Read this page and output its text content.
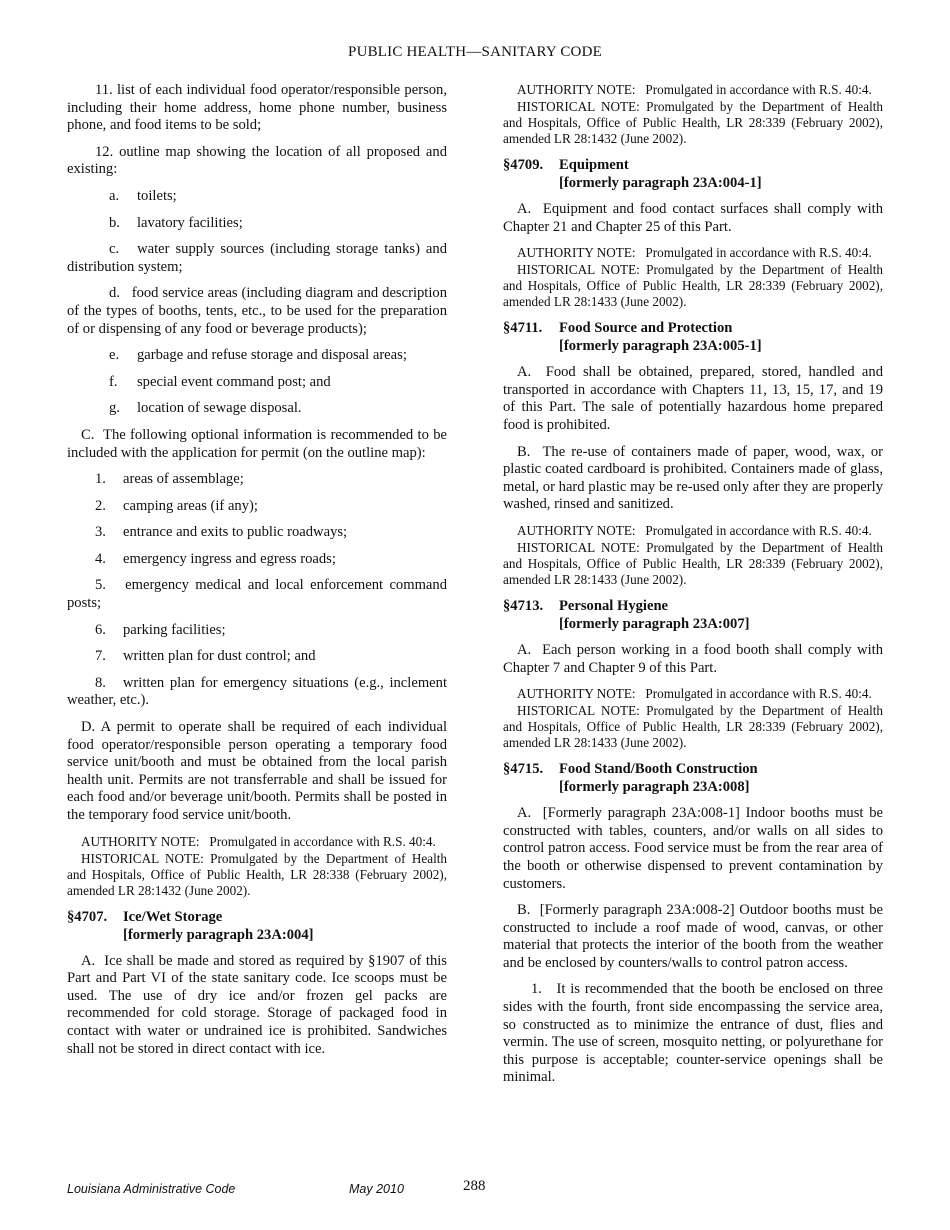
PUBLIC HEALTH—SANITARY CODE

11. list of each individual food operator/responsible person, including their home address, home phone number, business phone, and food items to be sold;

12. outline map showing the location of all proposed and existing:

a. toilets;

b. lavatory facilities;

c.   water supply sources (including storage tanks) and distribution system;

d.   food service areas (including diagram and description of the types of booths, tents, etc., to be used for the preparation of or dispensing of any food or beverage products);

e. garbage and refuse storage and disposal areas;

f. special event command post; and

g. location of sewage disposal.

C.  The following optional information is recommended to be included with the application for permit (on the outline map):

1. areas of assemblage;

2. camping areas (if any);

3. entrance and exits to public roadways;

4. emergency ingress and egress roads;

5.   emergency medical and local enforcement command posts;

6. parking facilities;

7. written plan for dust control; and

8.   written plan for emergency situations (e.g., inclement weather, etc.).

D. A permit to operate shall be required of each individual food operator/responsible person operating a temporary food service unit/booth and must be obtained from the local parish health unit. Permits are not transferrable and shall be issued for each food and/or beverage unit/booth. Permits shall be posted in the temporary food service unit/booth.

AUTHORITY NOTE:   Promulgated in accordance with R.S. 40:4.

HISTORICAL NOTE: Promulgated by the Department of Health and Hospitals, Office of Public Health, LR 28:338 (February 2002), amended LR 28:1432 (June 2002).

§4707. Ice/Wet Storage
[formerly paragraph 23A:004]

A.  Ice shall be made and stored as required by §1907 of this Part and Part VI of the state sanitary code. Ice scoops must be used. The use of dry ice and/or frozen gel packs are recommended for cold storage. Storage of packaged food in contact with water or undrained ice is prohibited. Sandwiches shall not be stored in direct contact with ice.

AUTHORITY NOTE:   Promulgated in accordance with R.S. 40:4.

HISTORICAL NOTE: Promulgated by the Department of Health and Hospitals, Office of Public Health, LR 28:339 (February 2002), amended LR 28:1432 (June 2002).

§4709. Equipment
[formerly paragraph 23A:004-1]

A.  Equipment and food contact surfaces shall comply with Chapter 21 and Chapter 25 of this Part.

AUTHORITY NOTE:   Promulgated in accordance with R.S. 40:4.

HISTORICAL NOTE: Promulgated by the Department of Health and Hospitals, Office of Public Health, LR 28:339 (February 2002), amended LR 28:1433 (June 2002).

§4711. Food Source and Protection
[formerly paragraph 23A:005-1]

A.  Food shall be obtained, prepared, stored, handled and transported in accordance with Chapters 11, 13, 15, 17, and 19 of this Part. The sale of potentially hazardous home prepared food is prohibited.

B.  The re-use of containers made of paper, wood, wax, or plastic coated cardboard is prohibited. Containers made of glass, metal, or hard plastic may be re-used only after they are properly washed, rinsed and sanitized.

AUTHORITY NOTE:   Promulgated in accordance with R.S. 40:4.

HISTORICAL NOTE: Promulgated by the Department of Health and Hospitals, Office of Public Health, LR 28:339 (February 2002), amended LR 28:1433 (June 2002).

§4713. Personal Hygiene
[formerly paragraph 23A:007]

A.  Each person working in a food booth shall comply with Chapter 7 and Chapter 9 of this Part.

AUTHORITY NOTE:   Promulgated in accordance with R.S. 40:4.

HISTORICAL NOTE: Promulgated by the Department of Health and Hospitals, Office of Public Health, LR 28:339 (February 2002), amended LR 28:1433 (June 2002).

§4715. Food Stand/Booth Construction
[formerly paragraph 23A:008]

A.  [Formerly paragraph 23A:008-1] Indoor booths must be constructed with tables, counters, and/or walls on all sides to control patron access. Food service must be from the rear area of the booth or otherwise dispensed to prevent contamination by customers.

B.  [Formerly paragraph 23A:008-2] Outdoor booths must be constructed to include a roof made of wood, canvas, or other material that protects the interior of the booth from the weather and be enclosed by counters/walls to control patron access.

1.   It is recommended that the booth be enclosed on three sides with the fourth, front side encompassing the service area, so constructed as to minimize the entrance of dust, flies and vermin. The use of screen, mosquito netting, or polyurethane for this purpose is acceptable; counter-service openings shall be minimal.

Louisiana Administrative Code	May 2010	288
